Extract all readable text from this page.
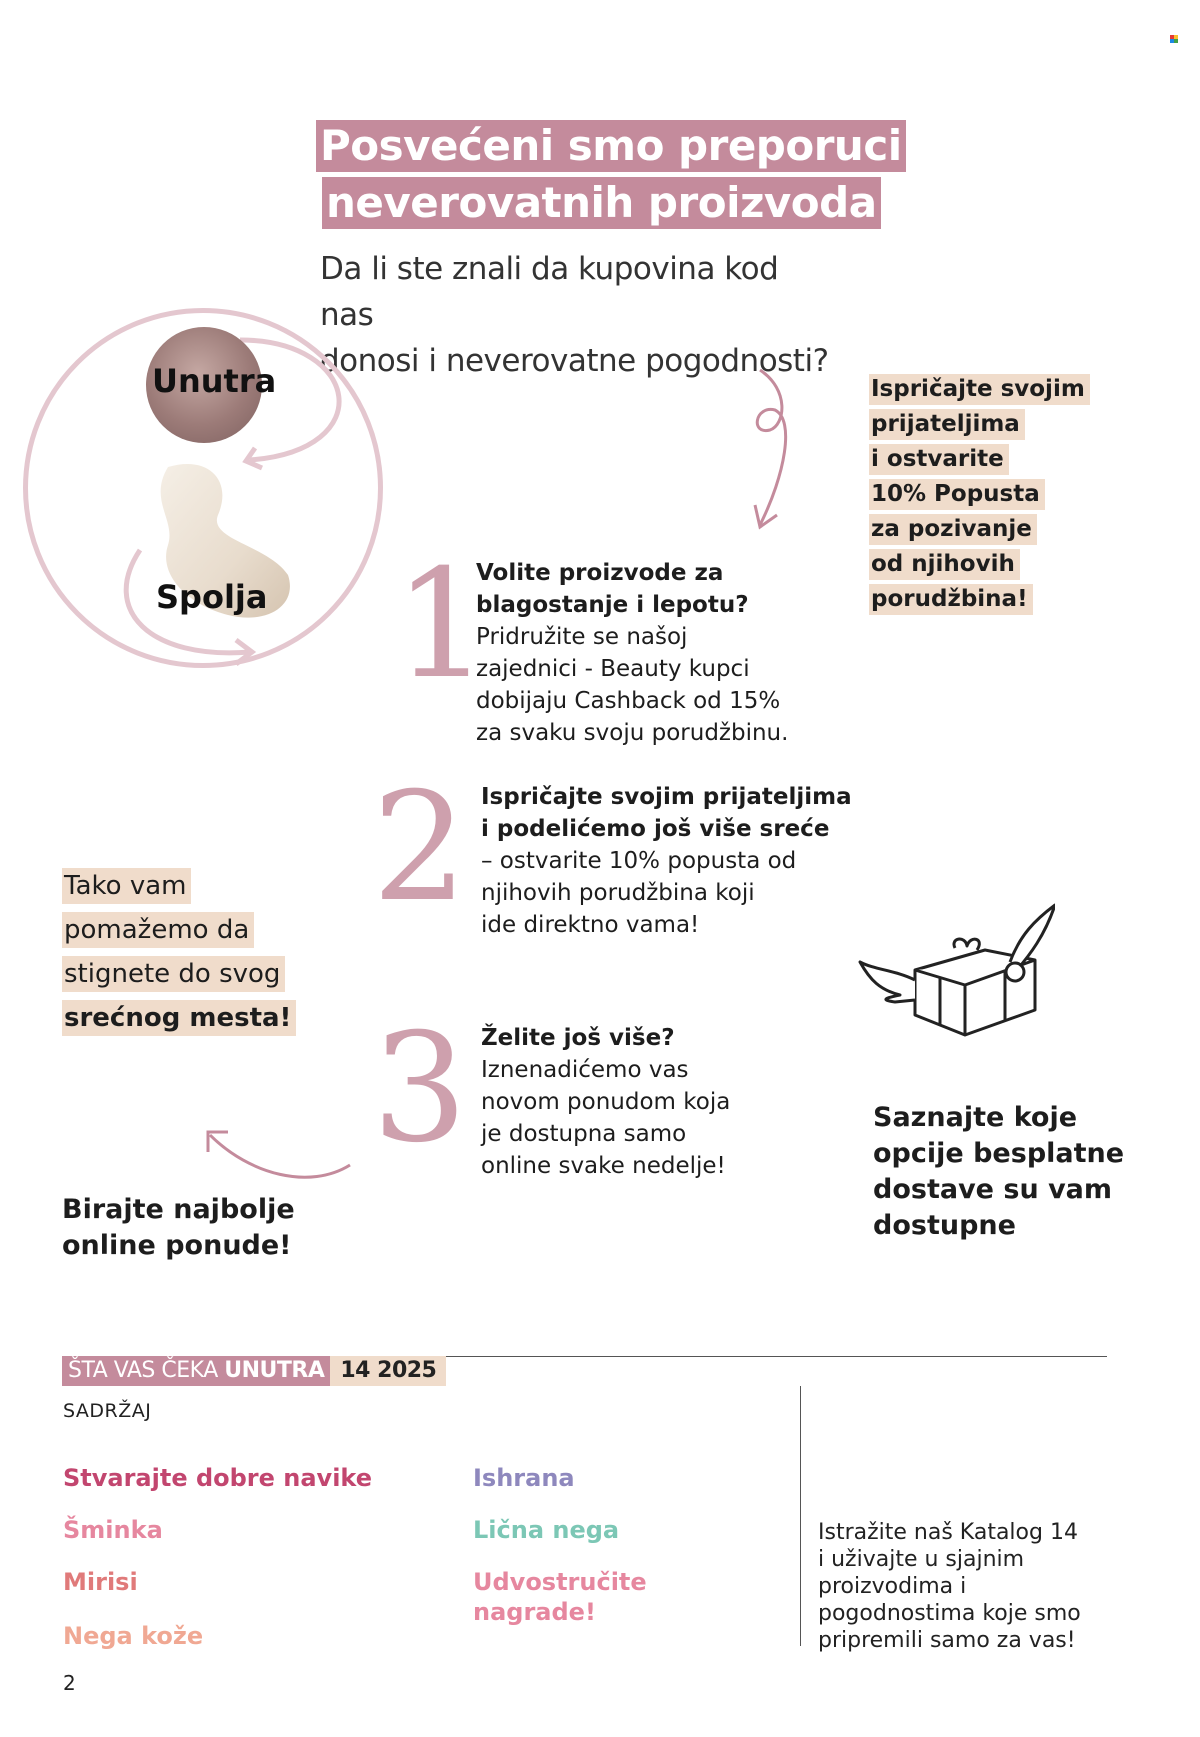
Posvećeni smo preporuci
neverovatnih proizvoda
Da li ste znali da kupovina kod nas
donosi i neverovatne pogodnosti?
Unutra
Spolja
Ispričajte svojim
prijateljima
i ostvarite
10% Popusta
za pozivanje
od njihovih
porudžbina!
1
Volite proizvode za
blagostanje i lepotu?
Pridružite se našoj
zajednici - Beauty kupci
dobijaju Cashback od 15%
za svaku svoju porudžbinu.
2 Ispričajte svojim prijateljima
i podelićemo još više sreće
– ostvarite 10% popusta od
njihovih porudžbina koji
ide direktno vama!
3 Želite još više?
Iznenadićemo vas
novom ponudom koja
je dostupna samo
online svake nedelje!
Tako vam
pomažemo da
stignete do svog
srećnog mesta!
Birajte najbolje
online ponude!
Saznajte koje
opcije besplatne
dostave su vam
dostupne
ŠTA VAS ČEKA UNUTRA 14 2025
SADRŽAJ
Stvarajte dobre navike
Šminka
Mirisi
Nega kože
Ishrana
Lična nega
Udvostručite nagrade!
Istražite naš Katalog 14
i uživajte u sjajnim
proizvodima i
pogodnostima koje smo
pripremili samo za vas!
2
